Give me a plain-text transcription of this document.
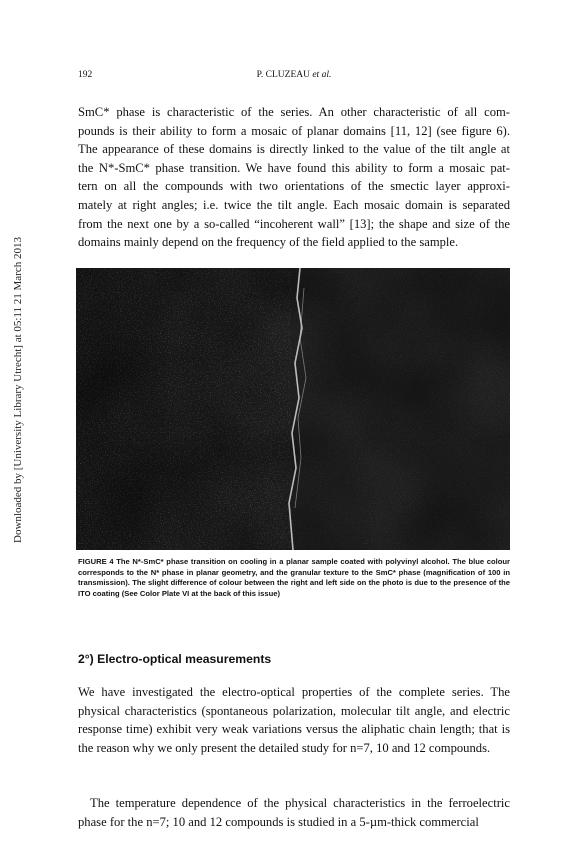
192	P. CLUZEAU et al.
SmC* phase is characteristic of the series. An other characteristic of all com-
pounds is their ability to form a mosaic of planar domains [11, 12] (see figure 6).
The appearance of these domains is directly linked to the value of the tilt angle at
the N*-SmC* phase transition. We have found this ability to form a mosaic pat-
tern on all the compounds with two orientations of the smectic layer approxi-
mately at right angles; i.e. twice the tilt angle. Each mosaic domain is separated
from the next one by a so-called “incoherent wall” [13]; the shape and size of the
domains mainly depend on the frequency of the field applied to the sample.
Downloaded by [University Library Utrecht] at 05:11 21 March 2013
FIGURE 4 The N*-SmC* phase transition on cooling in a planar sample coated with polyvinyl alcohol. The blue colour corresponds to the N* phase in planar geometry, and the granular texture to the SmC* phase (magnification of 100 in transmission). The slight difference of colour between the right and left side on the photo is due to the presence of the ITO coating (See Color Plate VI at the back of this issue)
2°) Electro-optical measurements

We have investigated the electro-optical properties of the complete series. The physical characteristics (spontaneous polarization, molecular tilt angle, and electric response time) exhibit very weak variations versus the aliphatic chain length; that is the reason why we only present the detailed study for n=7, 10 and 12 compounds.

The temperature dependence of the physical characteristics in the ferroelectric phase for the n=7; 10 and 12 compounds is studied in a 5-µm-thick commercial
